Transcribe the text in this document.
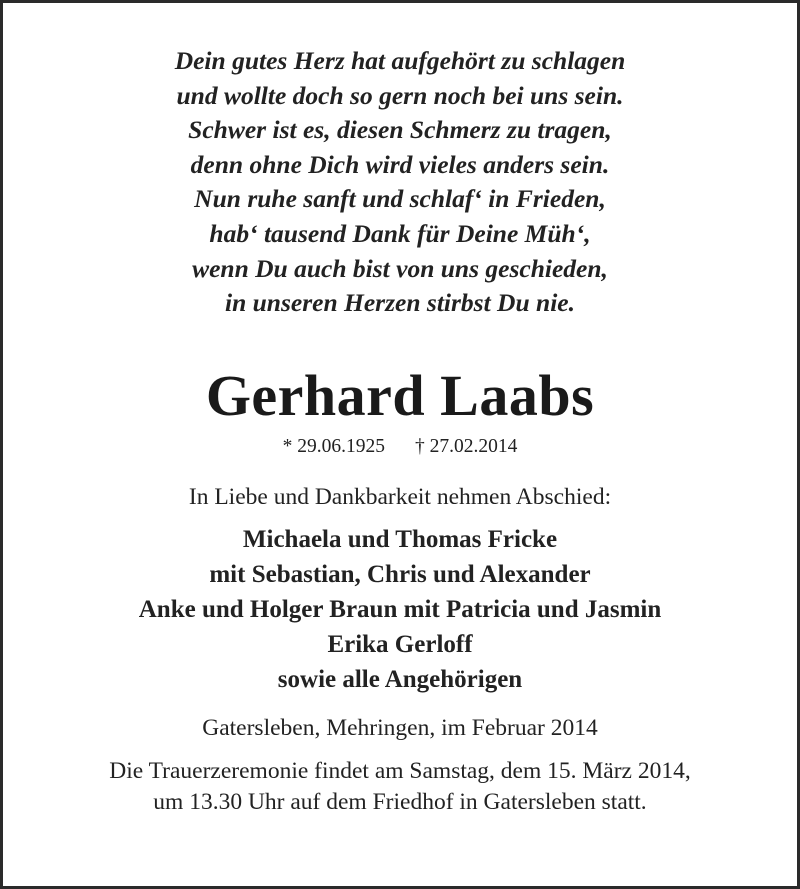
Dein gutes Herz hat aufgehört zu schlagen
und wollte doch so gern noch bei uns sein.
Schwer ist es, diesen Schmerz zu tragen,
denn ohne Dich wird vieles anders sein.
Nun ruhe sanft und schlaf‘ in Frieden,
hab‘ tausend Dank für Deine Müh‘,
wenn Du auch bist von uns geschieden,
in unseren Herzen stirbst Du nie.
Gerhard Laabs
* 29.06.1925 † 27.02.2014
In Liebe und Dankbarkeit nehmen Abschied:
Michaela und Thomas Fricke
mit Sebastian, Chris und Alexander
Anke und Holger Braun mit Patricia und Jasmin
Erika Gerloff
sowie alle Angehörigen
Gatersleben, Mehringen, im Februar 2014
Die Trauerzeremonie findet am Samstag, dem 15. März 2014,
um 13.30 Uhr auf dem Friedhof in Gatersleben statt.
